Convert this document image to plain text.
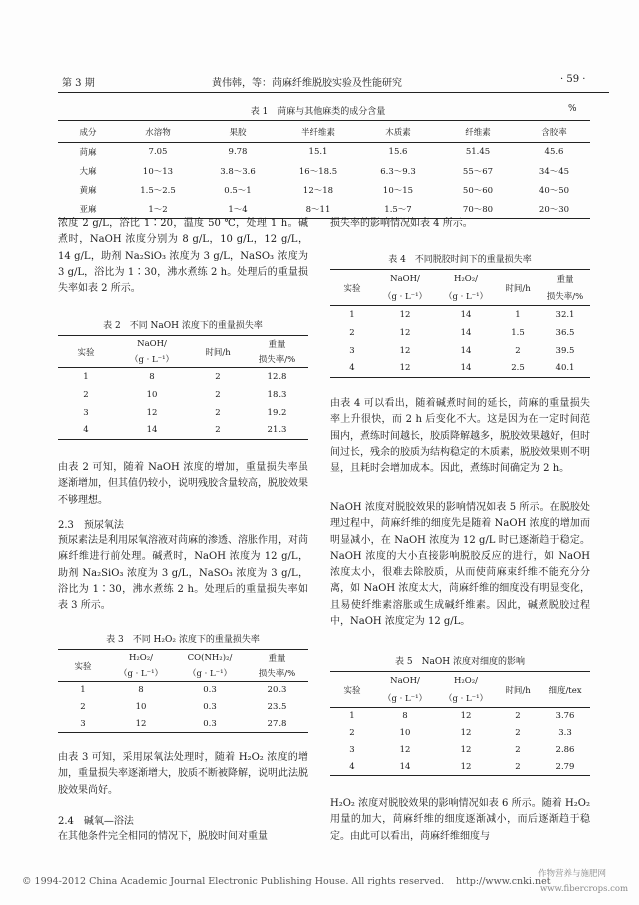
第 3 期	黄伟韩，等：苘麻纤维脱胶实验及性能研究	· 59 ·
表 1　苘麻与其他麻类的成分含量	%
成分	水溶物	果胶	半纤维素	木质素	纤维素	含胶率
苘麻	7.05	9.78	15.1	15.6	51.45	45.6
大麻	10～13	3.8～3.6	16～18.5	6.3～9.3	55～67	34～45
黄麻	1.5～2.5	0.5～1	12～18	10～15	50～60	40～50
亚麻	1～2	1～4	8～11	1.5～7	70～80	20～30
浓度 2 g/L，浴比 1∶20，温度 50 ℃，处理 1 h。碱煮时，NaOH 浓度分别为 8 g/L，10 g/L，12 g/L，14 g/L，助剂 Na₂SiO₃ 浓度为 3 g/L，NaSO₃ 浓度为 3 g/L，浴比为 1∶30，沸水煮练 2 h。处理后的重量损失率如表 2 所示。
表 2　不同 NaOH 浓度下的重量损失率
实验	NaOH/	时间/h	重量
	（g · L⁻¹）		损失率/%
1	8	2	12.8
2	10	2	18.3
3	12	2	19.2
4	14	2	21.3
由表 2 可知，随着 NaOH 浓度的增加，重量损失率虽逐渐增加，但其值仍较小，说明残胶含量较高，脱胶效果不够理想。
2.3　预尿氧法
预尿素法是利用尿氧溶液对苘麻的渗透、溶胀作用，对苘麻纤维进行前处理。碱煮时，NaOH 浓度为 12 g/L，助剂 Na₂SiO₃ 浓度为 3 g/L，NaSO₃ 浓度为 3 g/L，浴比为 1∶30，沸水煮练 2 h。处理后的重量损失率如表 3 所示。
表 3　不同 H₂O₂ 浓度下的重量损失率
实验	H₂O₂/	CO(NH₂)₂/	重量
	（g · L⁻¹）	（g · L⁻¹）	损失率/%
1	8	0.3	20.3
2	10	0.3	23.5
3	12	0.3	27.8
由表 3 可知，采用尿氧法处理时，随着 H₂O₂ 浓度的增加，重量损失率逐渐增大，胶质不断被降解，说明此法脱胶效果尚好。
2.4　碱氧—浴法
在其他条件完全相同的情况下，脱胶时间对重量
损失率的影响情况如表 4 所示。
表 4　不同脱胶时间下的重量损失率
实验	NaOH/	H₂O₂/	时间/h	重量
	（g · L⁻¹）	（g · L⁻¹）		损失率/%
1	12	14	1	32.1
2	12	14	1.5	36.5
3	12	14	2	39.5
4	12	14	2.5	40.1
由表 4 可以看出，随着碱煮时间的延长，苘麻的重量损失率上升很快，而 2 h 后变化不大。这是因为在一定时间范围内，煮练时间越长，胶质降解越多，脱胶效果越好，但时间过长，残余的胶质为结构稳定的木质素，脱胶效果则不明显，且耗时会增加成本。因此，煮练时间确定为 2 h。
NaOH 浓度对脱胶效果的影响情况如表 5 所示。在脱胶处理过程中，苘麻纤维的细度先是随着 NaOH 浓度的增加而明显减小，在 NaOH 浓度为 12 g/L 时已逐渐趋于稳定。NaOH 浓度的大小直接影响脱胶反应的进行，如 NaOH 浓度太小，很难去除胶质，从而使苘麻束纤维不能充分分离，如 NaOH 浓度太大，苘麻纤维的细度没有明显变化，且易使纤维素溶胀或生成碱纤维素。因此，碱煮脱胶过程中，NaOH 浓度定为 12 g/L。
表 5　NaOH 浓度对细度的影响
实验	NaOH/	H₂O₂/	时间/h	细度/tex
	（g · L⁻¹）	（g · L⁻¹）		
1	8	12	2	3.76
2	10	12	2	3.3
3	12	12	2	2.86
4	14	12	2	2.79
H₂O₂ 浓度对脱胶效果的影响情况如表 6 所示。随着 H₂O₂ 用量的加大，苘麻纤维的细度逐渐减小，而后逐渐趋于稳定。由此可以看出，苘麻纤维细度与
© 1994-2012 China Academic Journal Electronic Publishing House. All rights reserved. http://www.cnki.net
作物营养与施肥网
www.fibercrops.com
